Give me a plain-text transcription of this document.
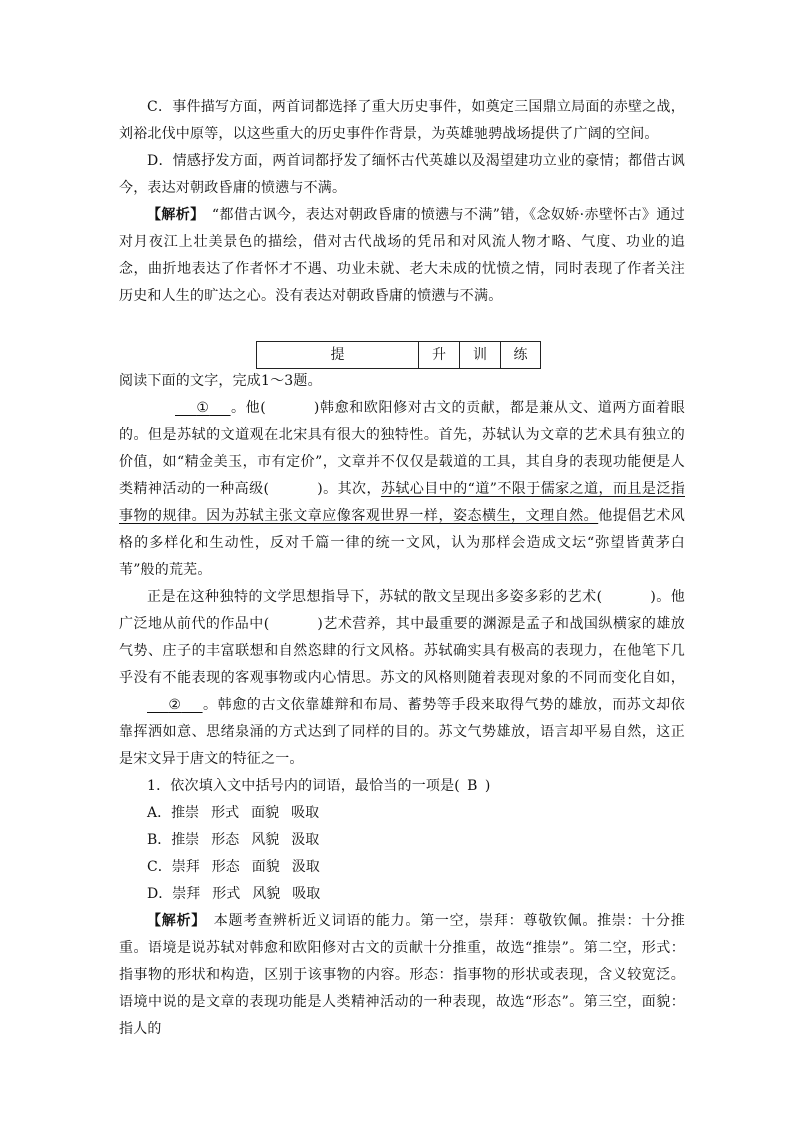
C．事件描写方面，两首词都选择了重大历史事件，如奠定三国鼎立局面的赤壁之战，刘裕北伐中原等，以这些重大的历史事件作背景，为英雄驰骋战场提供了广阔的空间。

D．情感抒发方面，两首词都抒发了缅怀古代英雄以及渴望建功立业的豪情；都借古讽今，表达对朝政昏庸的愤懑与不满。

【解析】　“都借古讽今，表达对朝政昏庸的愤懑与不满”错，《念奴娇·赤壁怀古》通过对月夜江上壮美景色的描绘，借对古代战场的凭吊和对风流人物才略、气度、功业的追念，曲折地表达了作者怀才不遇、功业未就、老大未成的忧愤之情，同时表现了作者关注历史和人生的旷达之心。没有表达对朝政昏庸的愤懑与不满。

提	升	训	练

阅读下面的文字，完成1～3题。

  ①   。他(	)韩愈和欧阳修对古文的贡献，都是兼从文、道两方面着眼的。但是苏轼的文道观在北宋具有很大的独特性。首先，苏轼认为文章的艺术具有独立的价值，如“精金美玉，市有定价”，文章并不仅仅是载道的工具，其自身的表现功能便是人类精神活动的一种高级(	)。其次，苏轼心目中的“道”不限于儒家之道，而且是泛指事物的规律。因为苏轼主张文章应像客观世界一样，姿态横生，文理自然。他提倡艺术风格的多样化和生动性，反对千篇一律的统一文风，认为那样会造成文坛“弥望皆黄茅白苇”般的荒芜。

正是在这种独特的文学思想指导下，苏轼的散文呈现出多姿多彩的艺术(	)。他广泛地从前代的作品中(	)艺术营养，其中最重要的渊源是孟子和战国纵横家的雄放气势、庄子的丰富联想和自然恣肆的行文风格。苏轼确实具有极高的表现力，在他笔下几乎没有不能表现的客观事物或内心情思。苏文的风格则随着表现对象的不同而变化自如，  ②   。韩愈的古文依靠雄辩和布局、蓄势等手段来取得气势的雄放，而苏文却依靠挥洒如意、思绪泉涌的方式达到了同样的目的。苏文气势雄放，语言却平易自然，这正是宋文异于唐文的特征之一。

1．依次填入文中括号内的词语，最恰当的一项是(  B  )

A．推崇 形式 面貌 吸取
B．推崇 形态 风貌 汲取
C．崇拜 形态 面貌 汲取
D．崇拜 形式 风貌 吸取

【解析】　本题考查辨析近义词语的能力。第一空，崇拜：尊敬钦佩。推崇：十分推重。语境是说苏轼对韩愈和欧阳修对古文的贡献十分推重，故选“推崇”。第二空，形式：指事物的形状和构造，区别于该事物的内容。形态：指事物的形状或表现，含义较宽泛。语境中说的是文章的表现功能是人类精神活动的一种表现，故选“形态”。第三空，面貌：指人的
